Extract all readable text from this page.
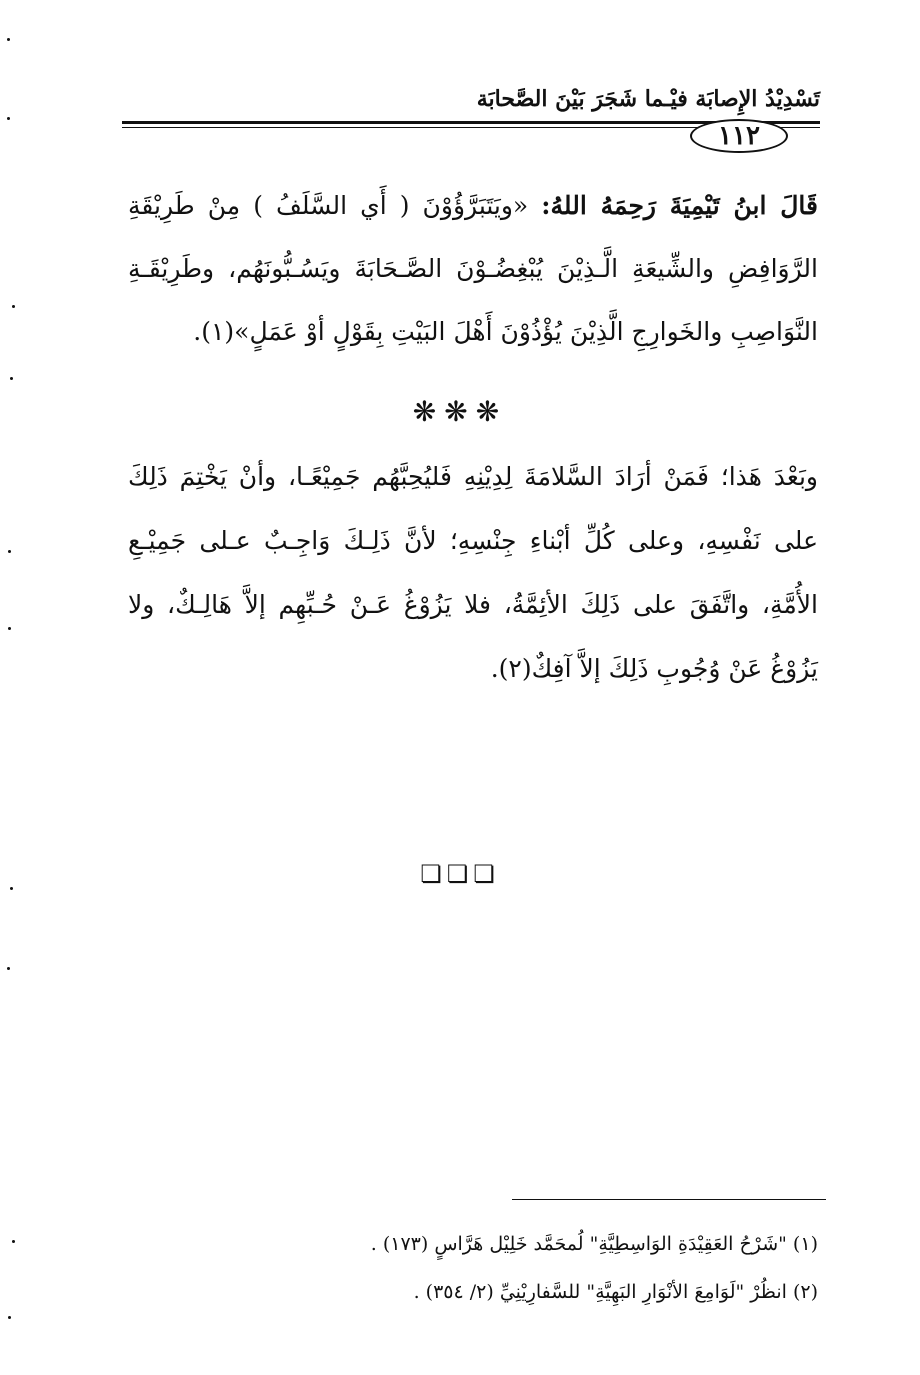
تَسْدِيْدُ الإِصابَة فيْـما شَجَرَ بَيْنَ الصَّحابَة
١١٢

قَالَ ابنُ تَيْمِيَةَ رَحِمَهُ اللهُ: «ويَتَبَرَّؤُوْنَ ( أَي السَّلَفُ ) مِنْ طَرِيْقَةِ الرَّوَافِضِ والشِّيعَةِ الَّـذِيْنَ يُبْغِضُـوْنَ الصَّـحَابَةَ ويَسُـبُّونَهُم، وطَرِيْقَـةِ النَّوَاصِبِ والخَوارِجِ الَّذِيْنَ يُؤْذُوْنَ أَهْلَ البَيْتِ بِقَوْلٍ أوْ عَمَلٍ»(١).

❋❋❋

وبَعْدَ هَذا؛ فَمَنْ أرَادَ السَّلامَةَ لِدِيْنِهِ فَليُحِبَّهُم جَمِيْعًـا، وأنْ يَخْتِمَ ذَلِكَ على نَفْسِهِ، وعلى كُلِّ أبْناءِ جِنْسِهِ؛ لأنَّ ذَلِـكَ وَاجِـبٌ عـلى جَمِيْـعِ الأُمَّةِ، واتَّفَقَ على ذَلِكَ الأئِمَّةُ، فلا يَزُوْغُ عَـنْ حُـبِّهِم إلاَّ هَالِـكٌ، ولا يَزُوْغُ عَنْ وُجُوبِ ذَلِكَ إلاَّ آفِكٌ(٢).

❏❏❏

(١) "شَرْحُ العَقِيْدَةِ الوَاسِطِيَّةِ" لُمحَمَّد خَلِيْل هَرَّاسٍ (١٧٣) .

(٢) انظُرْ "لَوَامِعَ الأنْوَارِ البَهِيَّةِ" للسَّفارِيْنِيِّ (٢/ ٣٥٤) .
